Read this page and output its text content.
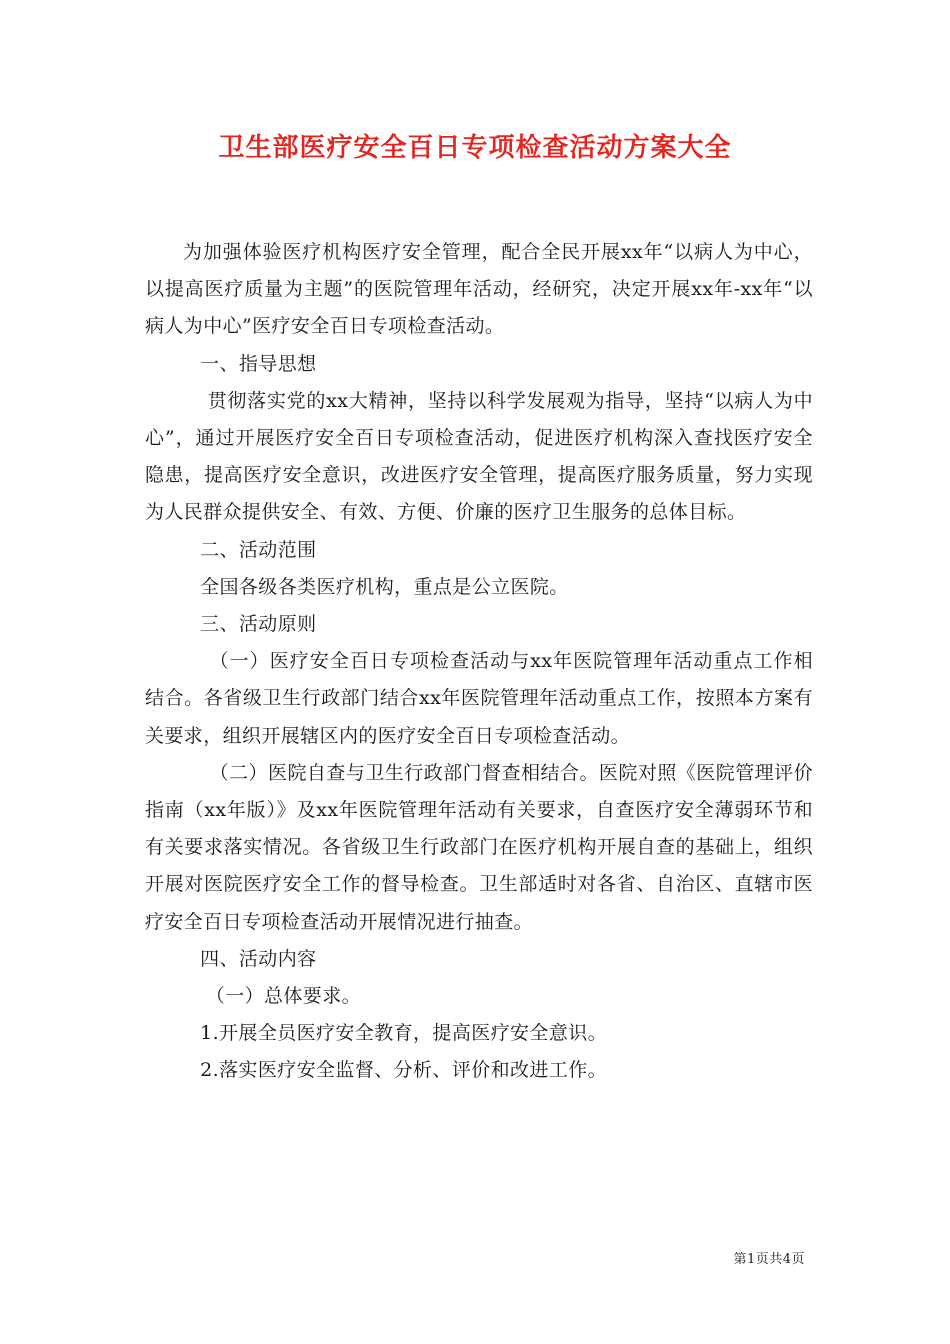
卫生部医疗安全百日专项检查活动方案大全

为加强体验医疗机构医疗安全管理，配合全民开展xx年“以病人为中心，以提高医疗质量为主题”的医院管理年活动，经研究，决定开展xx年-xx年“以病人为中心”医疗安全百日专项检查活动。

一、指导思想

贯彻落实党的xx大精神，坚持以科学发展观为指导，坚持“以病人为中心”，通过开展医疗安全百日专项检查活动，促进医疗机构深入查找医疗安全隐患，提高医疗安全意识，改进医疗安全管理，提高医疗服务质量，努力实现为人民群众提供安全、有效、方便、价廉的医疗卫生服务的总体目标。

二、活动范围

全国各级各类医疗机构，重点是公立医院。

三、活动原则

（一）医疗安全百日专项检查活动与xx年医院管理年活动重点工作相结合。各省级卫生行政部门结合xx年医院管理年活动重点工作，按照本方案有关要求，组织开展辖区内的医疗安全百日专项检查活动。

（二）医院自查与卫生行政部门督查相结合。医院对照《医院管理评价指南（xx年版）》及xx年医院管理年活动有关要求，自查医疗安全薄弱环节和有关要求落实情况。各省级卫生行政部门在医疗机构开展自查的基础上，组织开展对医院医疗安全工作的督导检查。卫生部适时对各省、自治区、直辖市医疗安全百日专项检查活动开展情况进行抽查。

四、活动内容

（一）总体要求。

1.开展全员医疗安全教育，提高医疗安全意识。

2.落实医疗安全监督、分析、评价和改进工作。

第1页共4页
